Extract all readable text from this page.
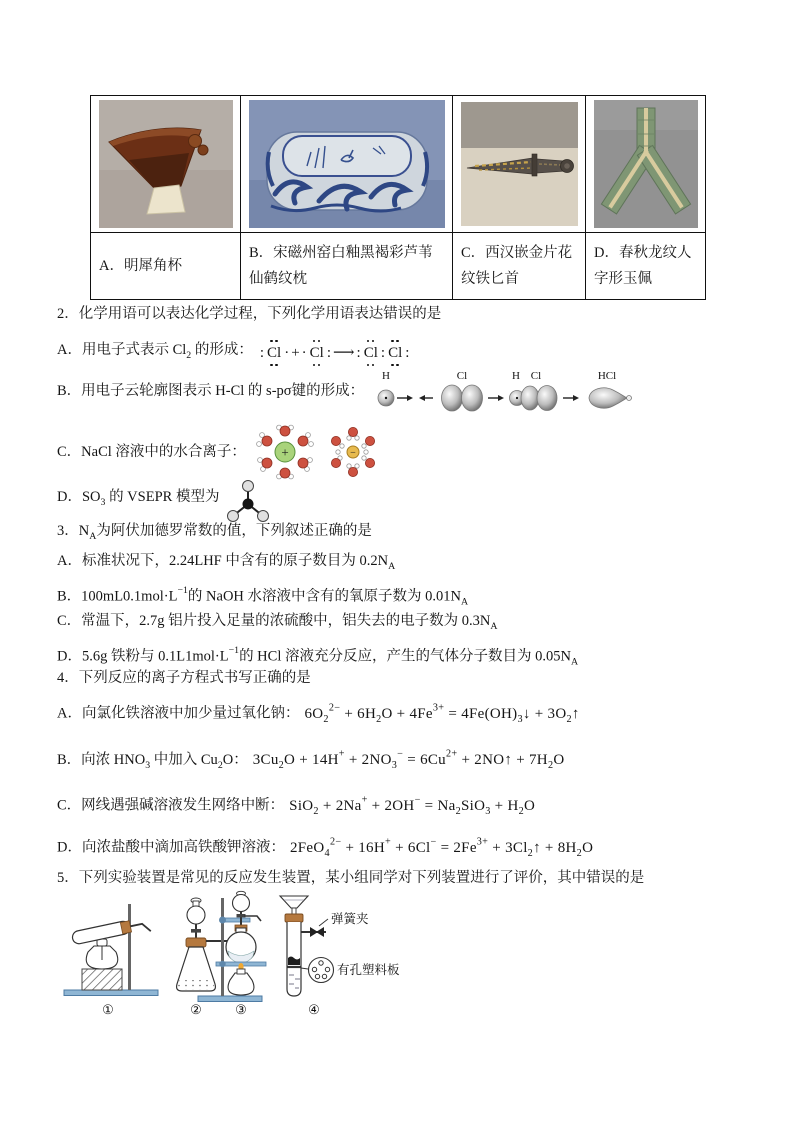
A．明犀角杯	B．宋磁州窑白釉黑褐彩芦苇仙鹤纹枕	C．西汉嵌金片花纹铁匕首	D．春秋龙纹人字形玉佩
2．化学用语可以表达化学过程，下列化学用语表达错误的是
A．用电子式表示 $Cl_2$ 的形成： : Cl · + · Cl : ⟶ : Cl : Cl :
B．用电子云轮廓图表示 H-Cl 的 s-pσ键的形成：
H	Cl	H Cl	HCl
C．NaCl 溶液中的水合离子：	+	−
D．$SO_3$ 的 VSEPR 模型为
3．$N_A$为阿伏加德罗常数的值，下列叙述正确的是
A．标准状况下，2.24LHF 中含有的原子数目为 $0.2N_A$
B．$100mL0.1mol\cdot L^{-1}$的 NaOH 水溶液中含有的氧原子数为 $0.01N_A$
C．常温下，2.7g 铝片投入足量的浓硫酸中，铝失去的电子数为 $0.3N_A$
D．5.6g 铁粉与 $0.1L1mol\cdot L^{-1}$的 HCl 溶液充分反应，产生的气体分子数目为 $0.05N_A$
4．下列反应的离子方程式书写正确的是
A．向氯化铁溶液中加少量过氧化钠： $6O_2^{2-} + 6H_2O + 4Fe^{3+}$ = $4Fe(OH)_3↓$ + $3O_2↑$
B．向浓 $HNO_3$ 中加入 $Cu_2O$： $3Cu_2O + 14H^+ + 2NO_3^- = 6Cu^{2+}$ + 2NO↑ + $7H_2O$
C．网线遇强碱溶液发生网络中断： $SiO_2 + 2Na^+ + 2OH^- = Na_2SiO_3 + H_2O$
D．向浓盐酸中滴加高铁酸钾溶液： $2FeO_4^{2-} + 16H^+ + 6Cl^- = 2Fe^{3+}$ + $3Cl_2↑ + 8H_2O$
5．下列实验装置是常见的反应发生装置，某小组同学对下列装置进行了评价，其中错误的是
①	②	③
弹簧夹
有孔塑料板
④
